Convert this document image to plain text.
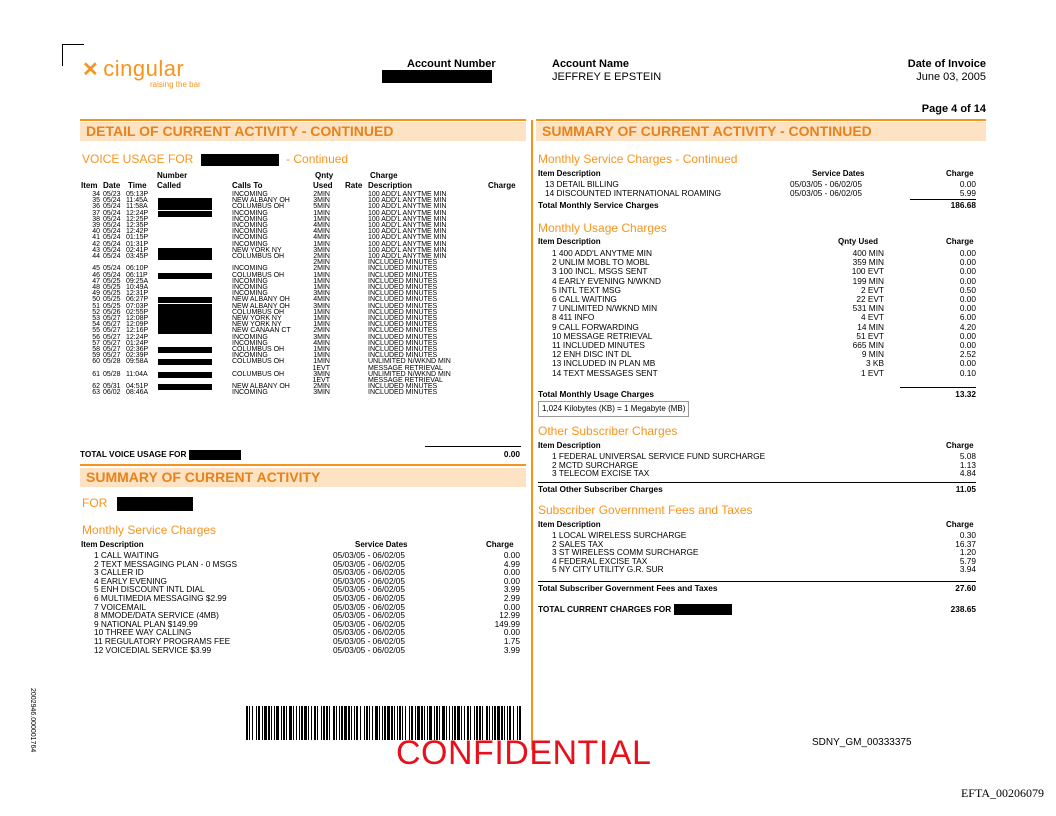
✕ cingular
raising the bar
Account Number	Account Name
JEFFREY E EPSTEIN
Date of Invoice
June 03, 2005
Page 4 of 14
DETAIL OF CURRENT ACTIVITY - CONTINUED
VOICE USAGE FOR	- Continued
Number	Qnty	Charge
Item Date Time Called	Calls To	Used Rate Description	Charge
34 05/23 05:13P	INCOMING	2MIN	100 ADD'L ANYTME MIN
35 05/24 11:45A	NEW ALBANY OH	3MIN	100 ADD'L ANYTME MIN
36 05/24 11:58A	COLUMBUS OH	5MIN	100 ADD'L ANYTME MIN
37 05/24 12:24P	INCOMING	1MIN	100 ADD'L ANYTME MIN
38 05/24 12:25P	INCOMING	1MIN	100 ADD'L ANYTME MIN
39 05/24 12:35P	INCOMING	4MIN	100 ADD'L ANYTME MIN
40 05/24 12:42P	INCOMING	4MIN	100 ADD'L ANYTME MIN
41 05/24 01:15P	INCOMING	4MIN	100 ADD'L ANYTME MIN
42 05/24 01:31P	INCOMING	1MIN	100 ADD'L ANYTME MIN
43 05/24 02:41P	NEW YORK NY	3MIN	100 ADD'L ANYTME MIN
44 05/24 03:45P	COLUMBUS OH	2MIN	100 ADD'L ANYTME MIN
2MIN	INCLUDED MINUTES
45 05/24 06:10P	INCOMING	2MIN	INCLUDED MINUTES
46 05/24 06:11P	COLUMBUS OH	1MIN	INCLUDED MINUTES
47 05/25 09:25A	INCOMING	1MIN	INCLUDED MINUTES
48 05/25 10:49A	INCOMING	1MIN	INCLUDED MINUTES
49 05/25 12:31P	INCOMING	3MIN	INCLUDED MINUTES
50 05/25 06:27P	NEW ALBANY OH	4MIN	INCLUDED MINUTES
51 05/25 07:03P	NEW ALBANY OH	3MIN	INCLUDED MINUTES
52 05/26 02:55P	COLUMBUS OH	1MIN	INCLUDED MINUTES
53 05/27 12:08P	NEW YORK NY	1MIN	INCLUDED MINUTES
54 05/27 12:09P	NEW YORK NY	1MIN	INCLUDED MINUTES
55 05/27 12:16P	NEW CANAAN CT	2MIN	INCLUDED MINUTES
56 05/27 12:24P	INCOMING	3MIN	INCLUDED MINUTES
57 05/27 01:24P	INCOMING	4MIN	INCLUDED MINUTES
58 05/27 02:36P	COLUMBUS OH	1MIN	INCLUDED MINUTES
59 05/27 02:39P	INCOMING	1MIN	INCLUDED MINUTES
60 05/28 09:58A	COLUMBUS OH	1MIN	UNLIMITED N/WKND MIN
1EVT	MESSAGE RETRIEVAL
61 05/28 11:04A	COLUMBUS OH	3MIN	UNLIMITED N/WKND MIN
1EVT	MESSAGE RETRIEVAL
62 05/31 04:51P	NEW ALBANY OH	2MIN	INCLUDED MINUTES
63 06/02 08:46A	INCOMING	3MIN	INCLUDED MINUTES
TOTAL VOICE USAGE FOR	0.00
SUMMARY OF CURRENT ACTIVITY
FOR
Monthly Service Charges
Item Description	Service Dates	Charge
1 CALL WAITING	05/03/05 - 06/02/05	0.00
2 TEXT MESSAGING PLAN - 0 MSGS	05/03/05 - 06/02/05	4.99
3 CALLER ID	05/03/05 - 06/02/05	0.00
4 EARLY EVENING	05/03/05 - 06/02/05	0.00
5 ENH DISCOUNT INTL DIAL	05/03/05 - 06/02/05	3.99
6 MULTIMEDIA MESSAGING $2.99	05/03/05 - 06/02/05	2.99
7 VOICEMAIL	05/03/05 - 06/02/05	0.00
8 MMODE/DATA SERVICE (4MB)	05/03/05 - 06/02/05	12.99
9 NATIONAL PLAN $149.99	05/03/05 - 06/02/05	149.99
10 THREE WAY CALLING	05/03/05 - 06/02/05	0.00
11 REGULATORY PROGRAMS FEE	05/03/05 - 06/02/05	1.75
12 VOICEDIAL SERVICE $3.99	05/03/05 - 06/02/05	3.99
2002946.000001764
SUMMARY OF CURRENT ACTIVITY - CONTINUED
Monthly Service Charges - Continued
Item Description	Service Dates	Charge
13 DETAIL BILLING	05/03/05 - 06/02/05	0.00
14 DISCOUNTED INTERNATIONAL ROAMING	05/03/05 - 06/02/05	5.99
Total Monthly Service Charges	186.68
Monthly Usage Charges
Item Description	Qnty Used	Charge
1 400 ADD'L ANYTME MIN	400 MIN	0.00
2 UNLIM MOBL TO MOBL	359 MIN	0.00
3 100 INCL. MSGS SENT	100 EVT	0.00
4 EARLY EVENING N/WKND	199 MIN	0.00
5 INTL TEXT MSG	2 EVT	0.50
6 CALL WAITING	22 EVT	0.00
7 UNLIMITED N/WKND MIN	531 MIN	0.00
8 411 INFO	4 EVT	6.00
9 CALL FORWARDING	14 MIN	4.20
10 MESSAGE RETRIEVAL	51 EVT	0.00
11 INCLUDED MINUTES	665 MIN	0.00
12 ENH DISC INT DL	9 MIN	2.52
13 INCLUDED IN PLAN MB	3 KB	0.00
14 TEXT MESSAGES SENT	1 EVT	0.10
Total Monthly Usage Charges	13.32
1,024 Kilobytes (KB) = 1 Megabyte (MB)
Other Subscriber Charges
Item Description	Charge
1 FEDERAL UNIVERSAL SERVICE FUND SURCHARGE	5.08
2 MCTD SURCHARGE	1.13
3 TELECOM EXCISE TAX	4.84
Total Other Subscriber Charges	11.05
Subscriber Government Fees and Taxes
Item Description	Charge
1 LOCAL WIRELESS SURCHARGE	0.30
2 SALES TAX	16.37
3 ST WIRELESS COMM SURCHARGE	1.20
4 FEDERAL EXCISE TAX	5.79
5 NY CITY UTILITY G.R. SUR	3.94
Total Subscriber Government Fees and Taxes	27.60
TOTAL CURRENT CHARGES FOR	238.65
CONFIDENTIAL	SDNY_GM_00333375
EFTA_00206079
